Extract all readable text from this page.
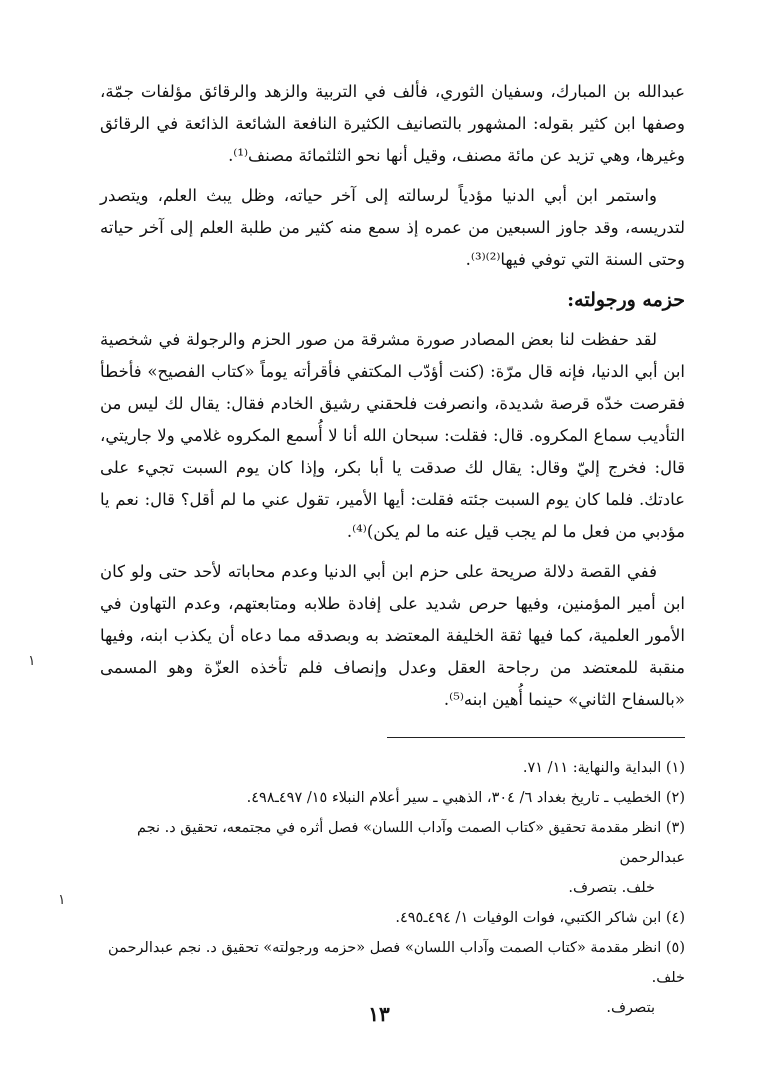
عبدالله بن المبارك، وسفيان الثوري، فألف في التربية والزهد والرقائق مؤلفات جمّة، وصفها ابن كثير بقوله: المشهور بالتصانيف الكثيرة النافعة الشائعة الذائعة في الرقائق وغيرها، وهي تزيد عن مائة مصنف، وقيل أنها نحو الثلثمائة مصنف⁽¹⁾.

واستمر ابن أبي الدنيا مؤدياً لرسالته إلى آخر حياته، وظل يبث العلم، ويتصدر لتدريسه، وقد جاوز السبعين من عمره إذ سمع منه كثير من طلبة العلم إلى آخر حياته وحتى السنة التي توفي فيها⁽²⁾⁽³⁾.

حزمه ورجولته:

لقد حفظت لنا بعض المصادر صورة مشرقة من صور الحزم والرجولة في شخصية ابن أبي الدنيا، فإنه قال مرّة: (كنت أؤدّب المكتفي فأقرأته يوماً «كتاب الفصيح» فأخطأ فقرصت خدّه قرصة شديدة، وانصرفت فلحقني رشيق الخادم فقال: يقال لك ليس من التأديب سماع المكروه. قال: فقلت: سبحان الله أنا لا أُسمع المكروه غلامي ولا جاريتي، قال: فخرج إليّ وقال: يقال لك صدقت يا أبا بكر، وإذا كان يوم السبت تجيء على عادتك. فلما كان يوم السبت جئته فقلت: أيها الأمير، تقول عني ما لم أقل؟ قال: نعم يا مؤدبي من فعل ما لم يجب قيل عنه ما لم يكن)⁽⁴⁾.

ففي القصة دلالة صريحة على حزم ابن أبي الدنيا وعدم محاباته لأحد حتى ولو كان ابن أمير المؤمنين، وفيها حرص شديد على إفادة طلابه ومتابعتهم، وعدم التهاون في الأمور العلمية، كما فيها ثقة الخليفة المعتضد به وبصدقه مما دعاه أن يكذب ابنه، وفيها منقبة للمعتضد من رجاحة العقل وعدل وإنصاف فلم تأخذه العزّة وهو المسمى «بالسفاح الثاني» حينما أُهين ابنه⁽⁵⁾.

(١) البداية والنهاية: ١١/ ٧١.

(٢) الخطيب ـ تاريخ بغداد ٦/ ٣٠٤، الذهبي ـ سير أعلام النبلاء ١٥/ ٤٩٧ـ٤٩٨.

(٣) انظر مقدمة تحقيق «كتاب الصمت وآداب اللسان» فصل أثره في مجتمعه، تحقيق د. نجم عبدالرحمن

خلف. بتصرف.

(٤) ابن شاكر الكتبي، فوات الوفيات ١/ ٤٩٤ـ٤٩٥.

(٥) انظر مقدمة «كتاب الصمت وآداب اللسان» فصل «حزمه ورجولته» تحقيق د. نجم عبدالرحمن خلف.

بتصرف.

١٣
١
١
